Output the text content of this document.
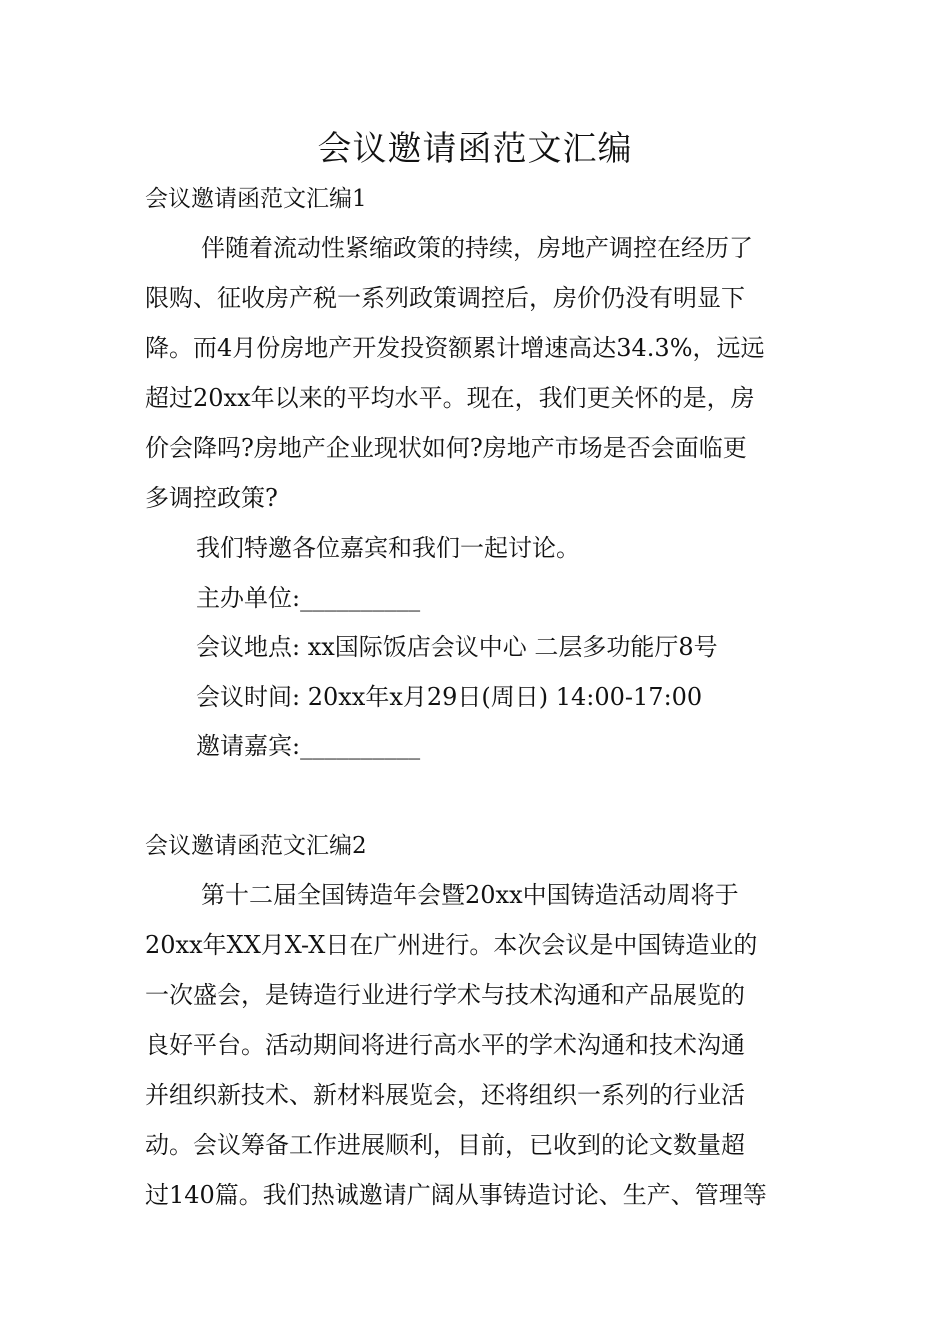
会议邀请函范文汇编
会议邀请函范文汇编1
伴随着流动性紧缩政策的持续，房地产调控在经历了
限购、征收房产税一系列政策调控后，房价仍没有明显下
降。而4月份房地产开发投资额累计增速高达34.3%，远远
超过20xx年以来的平均水平。现在，我们更关怀的是，房
价会降吗?房地产企业现状如何?房地产市场是否会面临更
多调控政策?
我们特邀各位嘉宾和我们一起讨论。
主办单位:__________
会议地点: xx国际饭店会议中心 二层多功能厅8号
会议时间: 20xx年x月29日(周日) 14:00-17:00
邀请嘉宾:__________
会议邀请函范文汇编2
第十二届全国铸造年会暨20xx中国铸造活动周将于
20xx年XX月X-X日在广州进行。本次会议是中国铸造业的
一次盛会，是铸造行业进行学术与技术沟通和产品展览的
良好平台。活动期间将进行高水平的学术沟通和技术沟通
并组织新技术、新材料展览会，还将组织一系列的行业活
动。会议筹备工作进展顺利，目前，已收到的论文数量超
过140篇。我们热诚邀请广阔从事铸造讨论、生产、管理等
